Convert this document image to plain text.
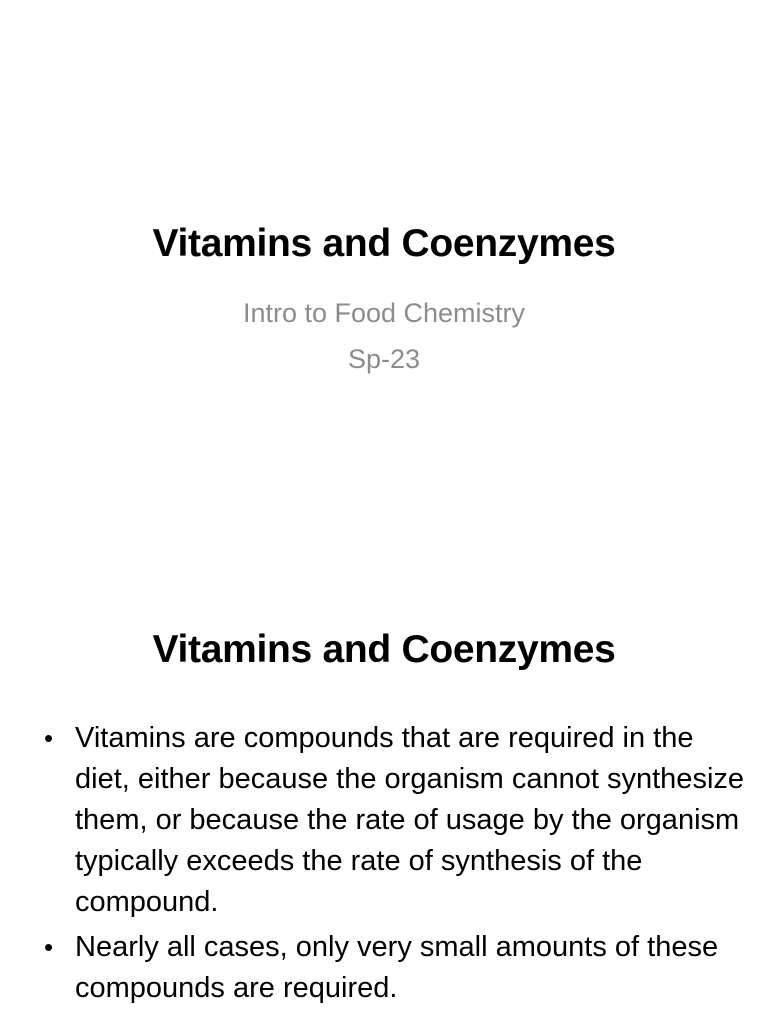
Vitamins and Coenzymes
Intro to Food Chemistry
Sp-23
Vitamins and Coenzymes
• Vitamins are compounds that are required in the diet, either because the organism cannot synthesize them, or because the rate of usage by the organism typically exceeds the rate of synthesis of the compound.
• Nearly all cases, only very small amounts of these compounds are required.
